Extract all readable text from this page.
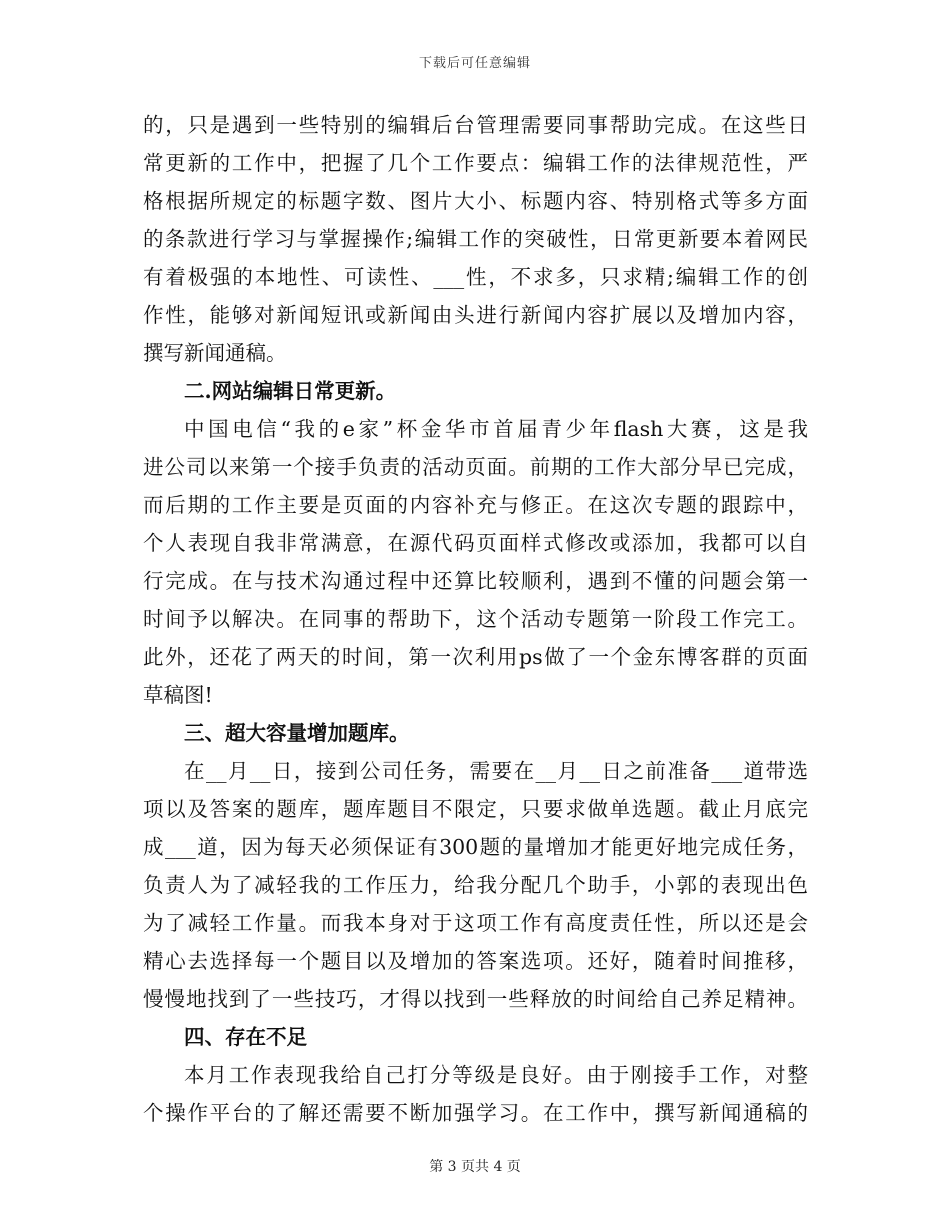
下载后可任意编辑
的，只是遇到一些特别的编辑后台管理需要同事帮助完成。在这些日
常更新的工作中，把握了几个工作要点：编辑工作的法律规范性，严
格根据所规定的标题字数、图片大小、标题内容、特别格式等多方面
的条款进行学习与掌握操作;编辑工作的突破性，日常更新要本着网民
有着极强的本地性、可读性、___性，不求多，只求精;编辑工作的创
作性，能够对新闻短讯或新闻由头进行新闻内容扩展以及增加内容，
撰写新闻通稿。
二.网站编辑日常更新。
中国电信“我的e家”杯金华市首届青少年flash大赛，这是我
进公司以来第一个接手负责的活动页面。前期的工作大部分早已完成，
而后期的工作主要是页面的内容补充与修正。在这次专题的跟踪中，
个人表现自我非常满意，在源代码页面样式修改或添加，我都可以自
行完成。在与技术沟通过程中还算比较顺利，遇到不懂的问题会第一
时间予以解决。在同事的帮助下，这个活动专题第一阶段工作完工。
此外，还花了两天的时间，第一次利用ps做了一个金东博客群的页面
草稿图!
三、超大容量增加题库。
在__月__日，接到公司任务，需要在__月__日之前准备___道带选
项以及答案的题库，题库题目不限定，只要求做单选题。截止月底完
成___道，因为每天必须保证有300题的量增加才能更好地完成任务，
负责人为了减轻我的工作压力，给我分配几个助手，小郭的表现出色
为了减轻工作量。而我本身对于这项工作有高度责任性，所以还是会
精心去选择每一个题目以及增加的答案选项。还好，随着时间推移，
慢慢地找到了一些技巧，才得以找到一些释放的时间给自己养足精神。
四、存在不足
本月工作表现我给自己打分等级是良好。由于刚接手工作，对整
个操作平台的了解还需要不断加强学习。在工作中，撰写新闻通稿的
第 3 页共 4 页
